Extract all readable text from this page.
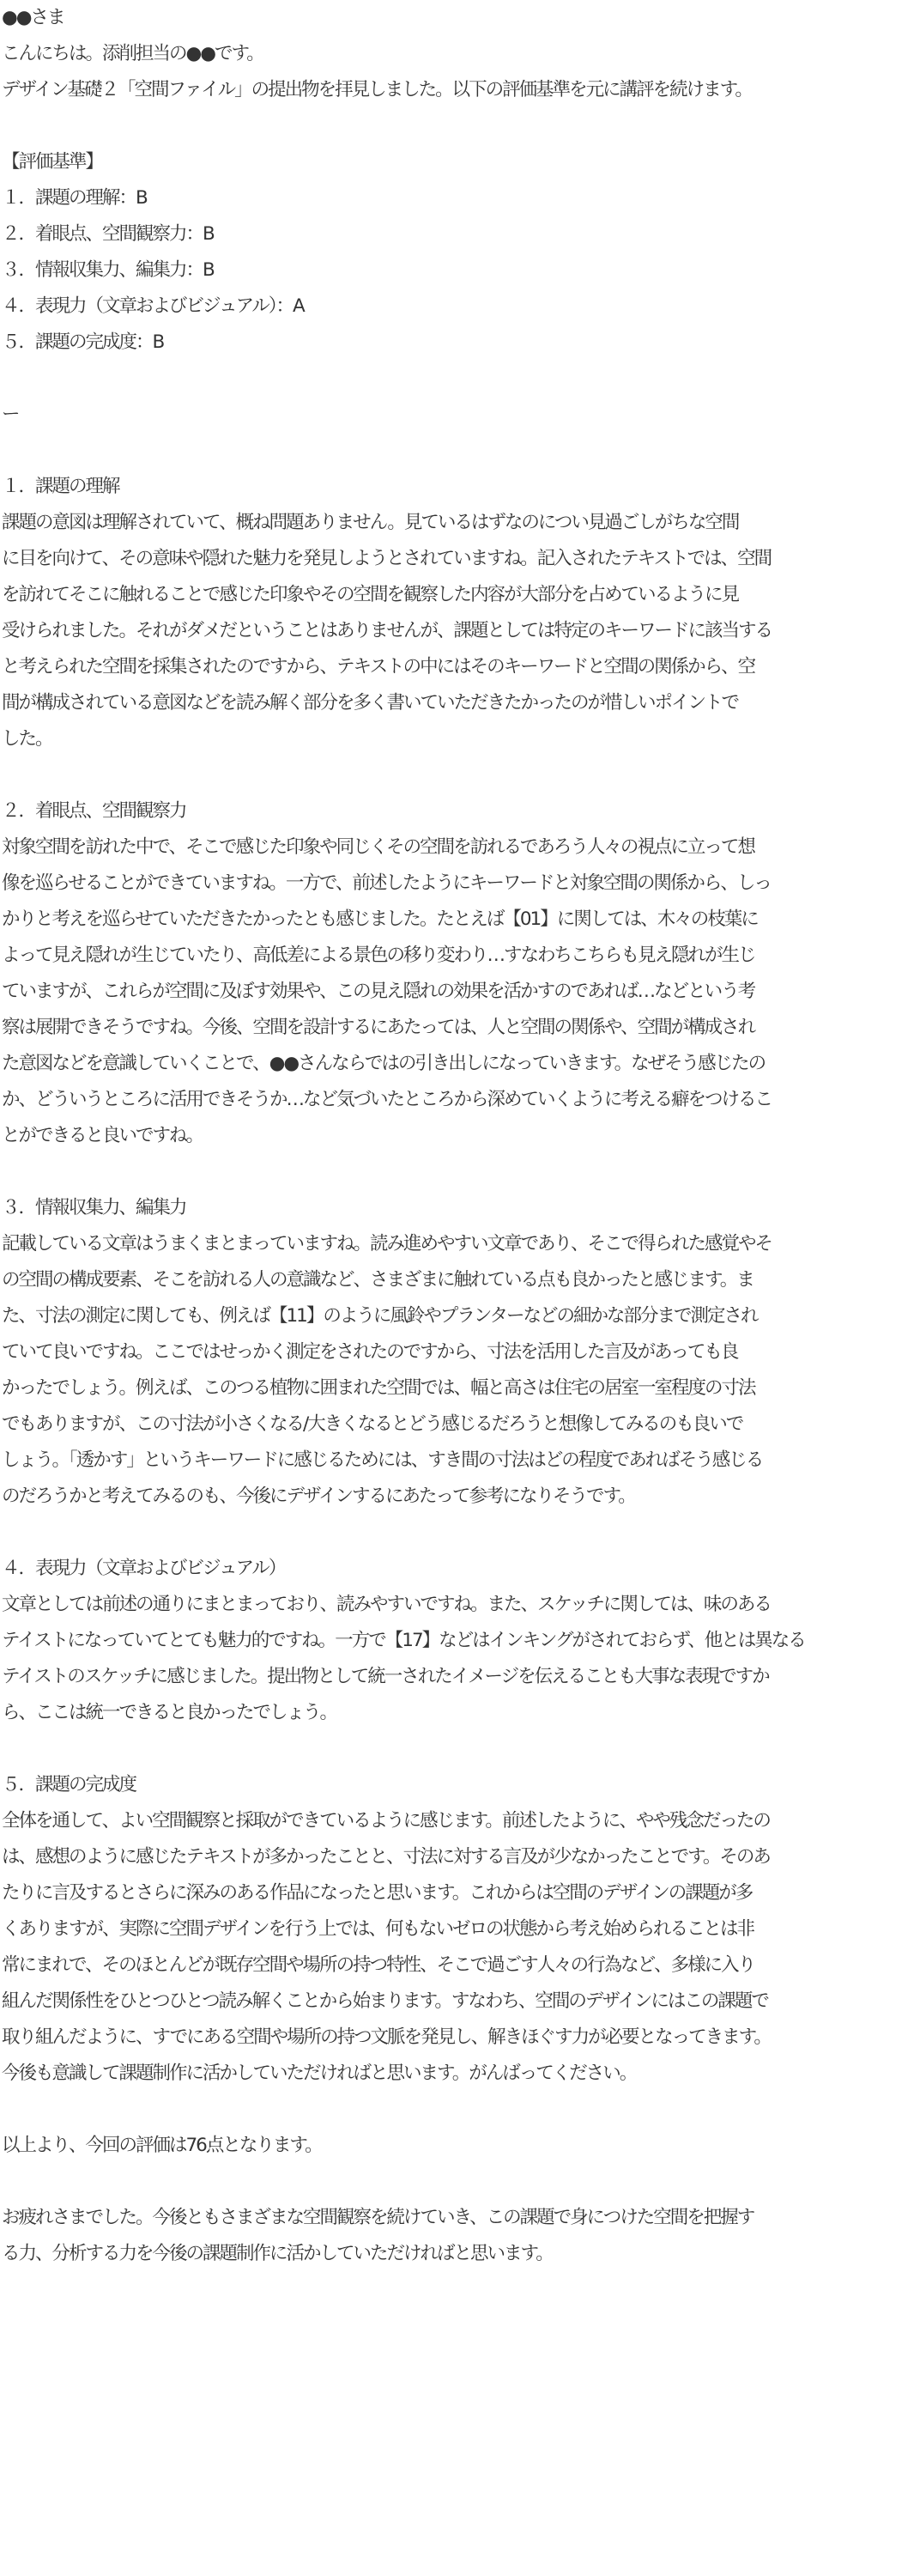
●●さま
こんにちは。添削担当の●●です。
デザイン基礎２「空間ファイル」の提出物を拝見しました。以下の評価基準を元に講評を続けます。
【評価基準】
１．課題の理解：B
２．着眼点、空間観察力：B
３．情報収集力、編集力：B
４．表現力（文章およびビジュアル）：A
５．課題の完成度：B
ー
１．課題の理解
課題の意図は理解されていて、概ね問題ありません。見ているはずなのについ見過ごしがちな空間
に目を向けて、その意味や隠れた魅力を発見しようとされていますね。記入されたテキストでは、空間
を訪れてそこに触れることで感じた印象やその空間を観察した内容が大部分を占めているように見
受けられました。それがダメだということはありませんが、課題としては特定のキーワードに該当する
と考えられた空間を採集されたのですから、テキストの中にはそのキーワードと空間の関係から、空
間が構成されている意図などを読み解く部分を多く書いていただきたかったのが惜しいポイントで
した。
２．着眼点、空間観察力
対象空間を訪れた中で、そこで感じた印象や同じくその空間を訪れるであろう人々の視点に立って想
像を巡らせることができていますね。一方で、前述したようにキーワードと対象空間の関係から、しっ
かりと考えを巡らせていただきたかったとも感じました。たとえば【01】に関しては、木々の枝葉に
よって見え隠れが生じていたり、高低差による景色の移り変わり…すなわちこちらも見え隠れが生じ
ていますが、これらが空間に及ぼす効果や、この見え隠れの効果を活かすのであれば…などという考
察は展開できそうですね。今後、空間を設計するにあたっては、人と空間の関係や、空間が構成され
た意図などを意識していくことで、●●さんならではの引き出しになっていきます。なぜそう感じたの
か、どういうところに活用できそうか…など気づいたところから深めていくように考える癖をつけるこ
とができると良いですね。
３．情報収集力、編集力
記載している文章はうまくまとまっていますね。読み進めやすい文章であり、そこで得られた感覚やそ
の空間の構成要素、そこを訪れる人の意識など、さまざまに触れている点も良かったと感じます。ま
た、寸法の測定に関しても、例えば【11】のように風鈴やプランターなどの細かな部分まで測定され
ていて良いですね。ここではせっかく測定をされたのですから、寸法を活用した言及があっても良
かったでしょう。例えば、このつる植物に囲まれた空間では、幅と高さは住宅の居室一室程度の寸法
でもありますが、この寸法が小さくなる/大きくなるとどう感じるだろうと想像してみるのも良いで
しょう。「透かす」というキーワードに感じるためには、すき間の寸法はどの程度であればそう感じる
のだろうかと考えてみるのも、今後にデザインするにあたって参考になりそうです。
４．表現力（文章およびビジュアル）
文章としては前述の通りにまとまっており、読みやすいですね。また、スケッチに関しては、味のある
テイストになっていてとても魅力的ですね。一方で【17】などはインキングがされておらず、他とは異なる
テイストのスケッチに感じました。提出物として統一されたイメージを伝えることも大事な表現ですか
ら、ここは統一できると良かったでしょう。
５．課題の完成度
全体を通して、よい空間観察と採取ができているように感じます。前述したように、やや残念だったの
は、感想のように感じたテキストが多かったことと、寸法に対する言及が少なかったことです。そのあ
たりに言及するとさらに深みのある作品になったと思います。これからは空間のデザインの課題が多
くありますが、実際に空間デザインを行う上では、何もないゼロの状態から考え始められることは非
常にまれで、そのほとんどが既存空間や場所の持つ特性、そこで過ごす人々の行為など、多様に入り
組んだ関係性をひとつひとつ読み解くことから始まります。すなわち、空間のデザインにはこの課題で
取り組んだように、すでにある空間や場所の持つ文脈を発見し、解きほぐす力が必要となってきます。
今後も意識して課題制作に活かしていただければと思います。がんばってください。
以上より、今回の評価は76点となります。
お疲れさまでした。今後ともさまざまな空間観察を続けていき、この課題で身につけた空間を把握す
る力、分析する力を今後の課題制作に活かしていただければと思います。
